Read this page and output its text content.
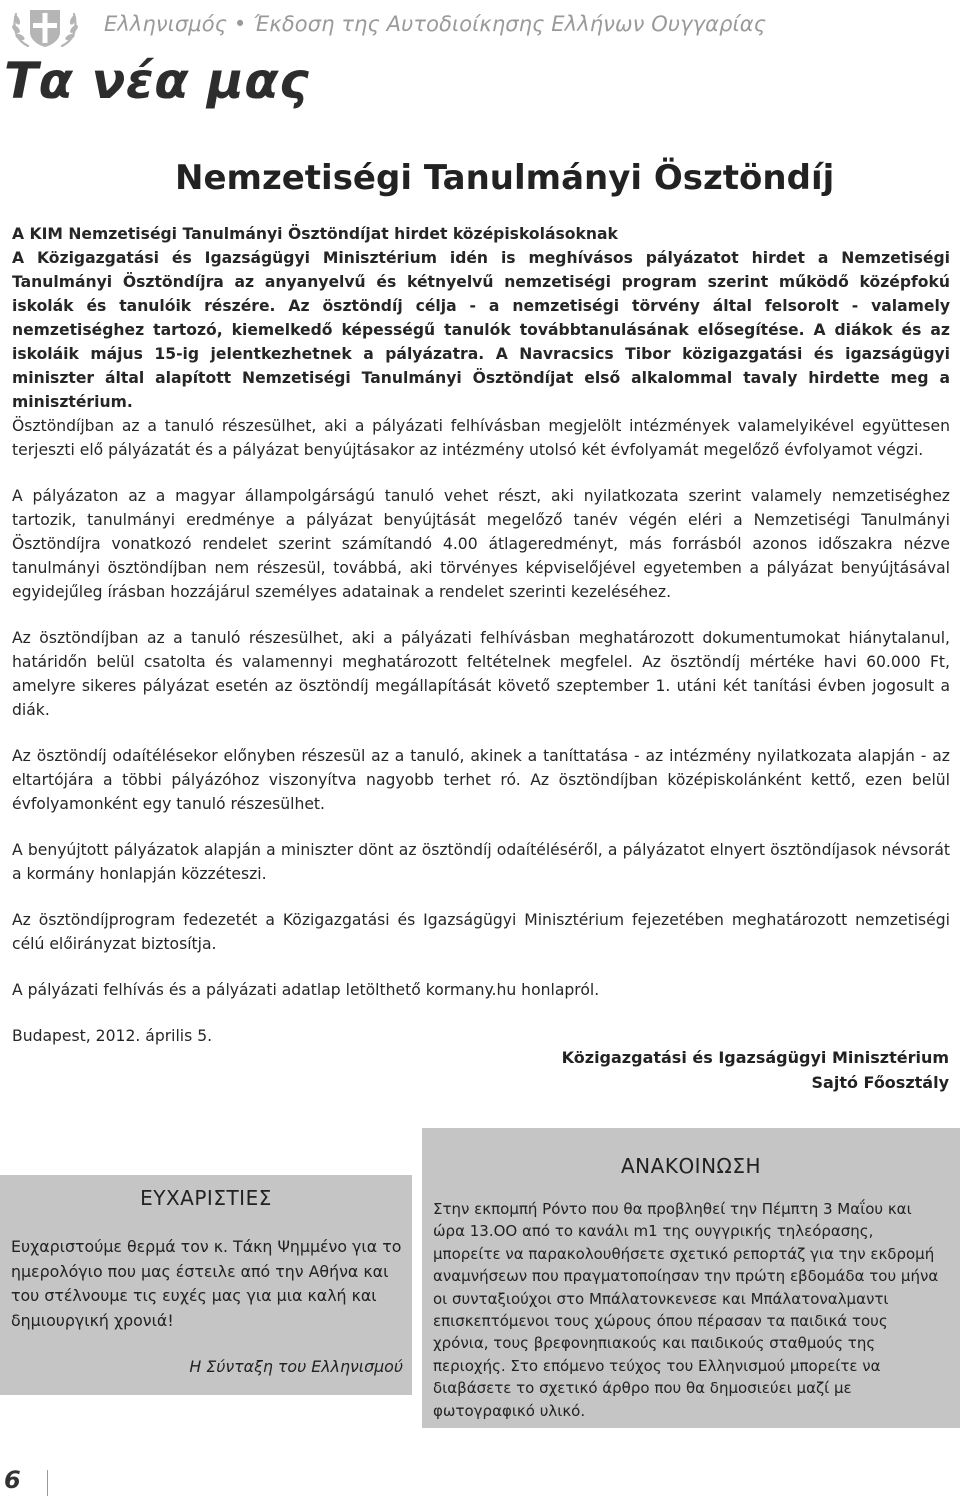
Ελληνισμός • Έκδοση της Αυτοδιοίκησης Ελλήνων Ουγγαρίας
Τα νέα μας
Nemzetiségi Tanulmányi Ösztöndíj

A KIM Nemzetiségi Tanulmányi Ösztöndíjat hirdet középiskolásoknak

A Közigazgatási és Igazságügyi Minisztérium idén is meghívásos pályázatot hirdet a Nemzetiségi Tanulmányi Ösztöndíjra az anyanyelvű és kétnyelvű nemzetiségi program szerint működő középfokú iskolák és tanulóik részére. Az ösztöndíj célja - a nemzetiségi törvény által felsorolt - valamely nemzetiséghez tartozó, kiemelkedő képességű tanulók továbbtanulásának elősegítése. A diákok és az iskoláik május 15-ig jelentkezhetnek a pályázatra. A Navracsics Tibor közigazgatási és igazságügyi miniszter által alapított Nemzetiségi Tanulmányi Ösztöndíjat első alkalommal tavaly hirdette meg a minisztérium.

Ösztöndíjban az a tanuló részesülhet, aki a pályázati felhívásban megjelölt intézmények valamelyikével együttesen terjeszti elő pályázatát és a pályázat benyújtásakor az intézmény utolsó két évfolyamát megelőző évfolyamot végzi.

A pályázaton az a magyar állampolgárságú tanuló vehet részt, aki nyilatkozata szerint valamely nemzetiséghez tartozik, tanulmányi eredménye a pályázat benyújtását megelőző tanév végén eléri a Nemzetiségi Tanulmányi Ösztöndíjra vonatkozó rendelet szerint számítandó 4.00 átlageredményt, más forrásból azonos időszakra nézve tanulmányi ösztöndíjban nem részesül, továbbá, aki törvényes képviselőjével egyetemben a pályázat benyújtásával egyidejűleg írásban hozzájárul személyes adatainak a rendelet szerinti kezeléséhez.

Az ösztöndíjban az a tanuló részesülhet, aki a pályázati felhívásban meghatározott dokumentumokat hiánytalanul, határidőn belül csatolta és valamennyi meghatározott feltételnek megfelel. Az ösztöndíj mértéke havi 60.000 Ft, amelyre sikeres pályázat esetén az ösztöndíj megállapítását követő szeptember 1. utáni két tanítási évben jogosult a diák.

Az ösztöndíj odaítélésekor előnyben részesül az a tanuló, akinek a taníttatása - az intézmény nyilatkozata alapján - az eltartójára a többi pályázóhoz viszonyítva nagyobb terhet ró. Az ösztöndíjban középiskolánként kettő, ezen belül évfolyamonként egy tanuló részesülhet.

A benyújtott pályázatok alapján a miniszter dönt az ösztöndíj odaítéléséről, a pályázatot elnyert ösztöndíjasok névsorát a kormány honlapján közzéteszi.

Az ösztöndíjprogram fedezetét a Közigazgatási és Igazságügyi Minisztérium fejezetében meghatározott nemzetiségi célú előirányzat biztosítja.

A pályázati felhívás és a pályázati adatlap letölthető kormany.hu honlapról.

Budapest, 2012. április 5.

Közigazgatási és Igazságügyi Minisztérium
Sajtó Főosztály
ΕΥΧΑΡΙΣΤΙΕΣ
Ευχαριστούμε θερμά τον κ. Τάκη Ψημμένο για το ημερολόγιο που μας έστειλε από την Αθήνα και του στέλνουμε τις ευχές μας για μια καλή και δημιουργική χρονιά!
Η Σύνταξη του Ελληνισμού
ΑΝΑΚΟΙΝΩΣΗ
Στην εκπομπή Ρόντο που θα προβληθεί την Πέμπτη 3 Μαΐου και ώρα 13.ΟΟ από το κανάλι m1 της ουγγρικής τηλεόρασης, μπορείτε να παρακολουθήσετε σχετικό ρεπορτάζ για την εκδρομή αναμνήσεων που πραγματοποίησαν την πρώτη εβδομάδα του μήνα οι συνταξιούχοι στο Μπάλατονκενεσε και Μπάλατοναλμαντι επισκεπτόμενοι τους χώρους όπου πέρασαν τα παιδικά τους χρόνια, τους βρεφονηπιακούς και παιδικούς σταθμούς της περιοχής. Στο επόμενο τεύχος του Ελληνισμού μπορείτε να διαβάσετε το σχετικό άρθρο που θα δημοσιεύει μαζί με φωτογραφικό υλικό.
6
